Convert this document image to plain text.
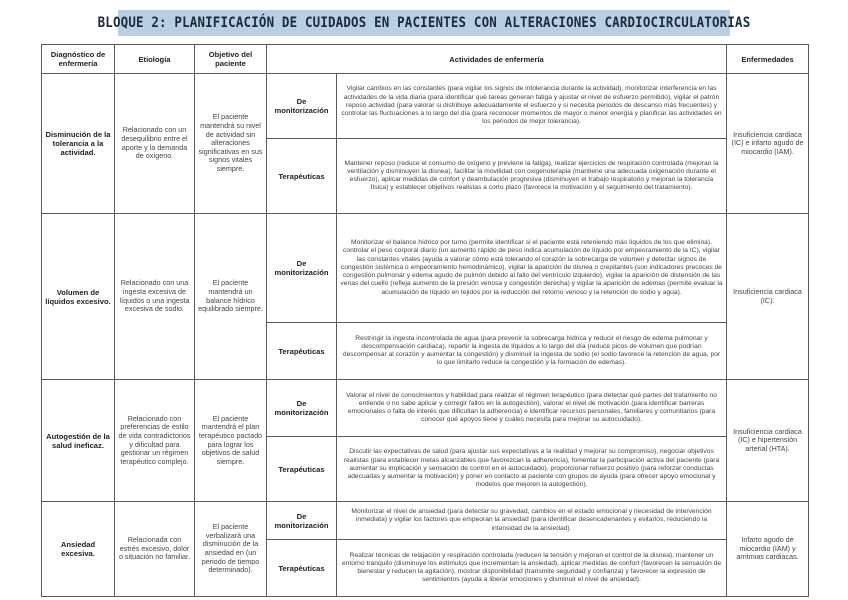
BLOQUE 2: PLANIFICACIÓN DE CUIDADOS EN PACIENTES CON ALTERACIONES CARDIOCIRCULATORIAS
Diagnóstico de enfermería	Etiología	Objetivo del paciente	Actividades de enfermería		Enfermedades
Disminución de la tolerancia a la actividad.	Relacionado con un desequilibrio entre el aporte y la demanda de oxígeno.	El paciente mantendrá su nivel de actividad sin alteraciones significativas en sus signos vitales siempre.	De monitorización	Vigilar cambios en las constantes (para vigilar los signos de intolerancia durante la actividad), monitorizar interferencia en las actividades de la vida diaria (para identificar qué tareas generan fatiga y ajustar el nivel de esfuerzo permitido), vigilar el patrón reposo actividad (para valorar si distribuye adecuadamente el esfuerzo y si necesita periodos de descanso más frecuentes) y controlar las fluctuaciones a lo largo del día (para reconocer momentos de mayor o menor energía y planificar las actividades en los periodos de mejor tolerancia).	Insuficiencia cardiaca (IC) e infarto agudo de miocardio (IAM).
			Terapéuticas	Mantener reposo (reduce el consumo de oxígeno y previene la fatiga), realizar ejercicios de respiración controlada (mejoran la ventilación y disminuyen la disnea), facilitar la movilidad con oxigenoterapia (mantiene una adecuada oxigenación durante el esfuerzo), aplicar medidas de confort y deambulación progresiva (disminuyen el trabajo respiratorio y mejoran la tolerancia física) y establecer objetivos realistas a corto plazo (favorece la motivación y el seguimiento del tratamiento).	
Volumen de líquidos excesivo.	Relacionado con una ingesta excesiva de líquidos o una ingesta excesiva de sodio.	El paciente mantendrá un balance hídrico equilibrado siempre.	De monitorización	Monitorizar el balance hídrico por turno (permite identificar si el paciente está reteniendo más líquidos de los que elimina), controlar el peso corporal diario (un aumento rápido de peso indica acumulación de líquido por empeoramiento de la IC), vigilar las constantes vitales (ayuda a valorar cómo está tolerando el corazón la sobrecarga de volumen y detectar signos de congestión sistémica o empeoramiento hemodinámico), vigilar la aparición de disnea o crepitantes (son indicadores precoces de congestión pulmonar y edema agudo de pulmón debido al fallo del ventrículo izquierdo), vigilar la aparición de distensión de las venas del cuello (refleja aumento de la presión venosa y congestión derecha) y vigilar la aparición de edemas (permite evaluar la acumulación de líquido en tejidos por la reducción del retorno venoso y la retención de sodio y agua).	Insuficiencia cardiaca (IC).
			Terapéuticas	Restringir la ingesta incontrolada de agua (para prevenir la sobrecarga hídrica y reducir el riesgo de edema pulmonar y descompensación cardiaca), repartir la ingesta de líquidos a lo largo del día (reduce picos de volumen que podrían descompensar al corazón y aumentar la congestión) y disminuir la ingesta de sodio (el sodio favorece la retención de agua, por lo que limitarlo reduce la congestión y la formación de edemas).	
Autogestión de la salud ineficaz.	Relacionado con preferencias de estilo de vida contradictorios y dificultad para gestionar un régimen terapéutico complejo.	El paciente mantendrá el plan terapéutico pactado para lograr los objetivos de salud siempre.	De monitorización	Valorar el nivel de conocimientos y habilidad para realizar el régimen terapéutico (para detectar qué partes del tratamiento no entiende o no sabe aplicar y corregir fallos en la autogestión), valorar el nivel de motivación (para identificar barreras emocionales o falta de interés que dificultan la adherencia) e identificar recursos personales, familiares y comunitarios (para conocer qué apoyos tiene y cuáles necesita para mejorar su autocuidado).	Insuficiencia cardiaca (IC) e hipertensión arterial (HTA).
			Terapéuticas	Discutir las expectativas de salud (para ajustar sus expectativas a la realidad y mejorar su compromiso), negociar objetivos realistas (para establecer metas alcanzables que favorezcan la adherencia), fomentar la participación activa del paciente (para aumentar su implicación y sensación de control en el autocuidado), proporcionar refuerzo positivo (para reforzar conductas adecuadas y aumentar la motivación) y poner en contacto al paciente con grupos de ayuda (para ofrecer apoyo emocional y modelos que mejoren la autogestión).	
Ansiedad excesiva.	Relacionada con estrés excesivo, dolor o situación no familiar.	El paciente verbalizará una disminución de la ansiedad en (un periodo de tiempo determinado).	De monitorización	Monitorizar el nivel de ansiedad (para detectar su gravedad, cambios en el estado emocional y necesidad de intervención inmediata) y vigilar los factores que empeoran la ansiedad (para identificar desencadenantes y evitarlos, reduciendo la intensidad de la ansiedad).	Infarto agudo de miocardio (IAM) y arritmias cardiacas.
			Terapéuticas	Realizar técnicas de relajación y respiración controlada (reducen la tensión y mejoran el control de la disnea), mantener un entorno tranquilo (disminuye los estímulos que incrementan la ansiedad), aplicar medidas de confort (favorecen la sensación de bienestar y reducen la agitación), mostrar disponibilidad (transmite seguridad y confianza) y favorecer la expresión de sentimientos (ayuda a liberar emociones y disminuir el nivel de ansiedad).	
